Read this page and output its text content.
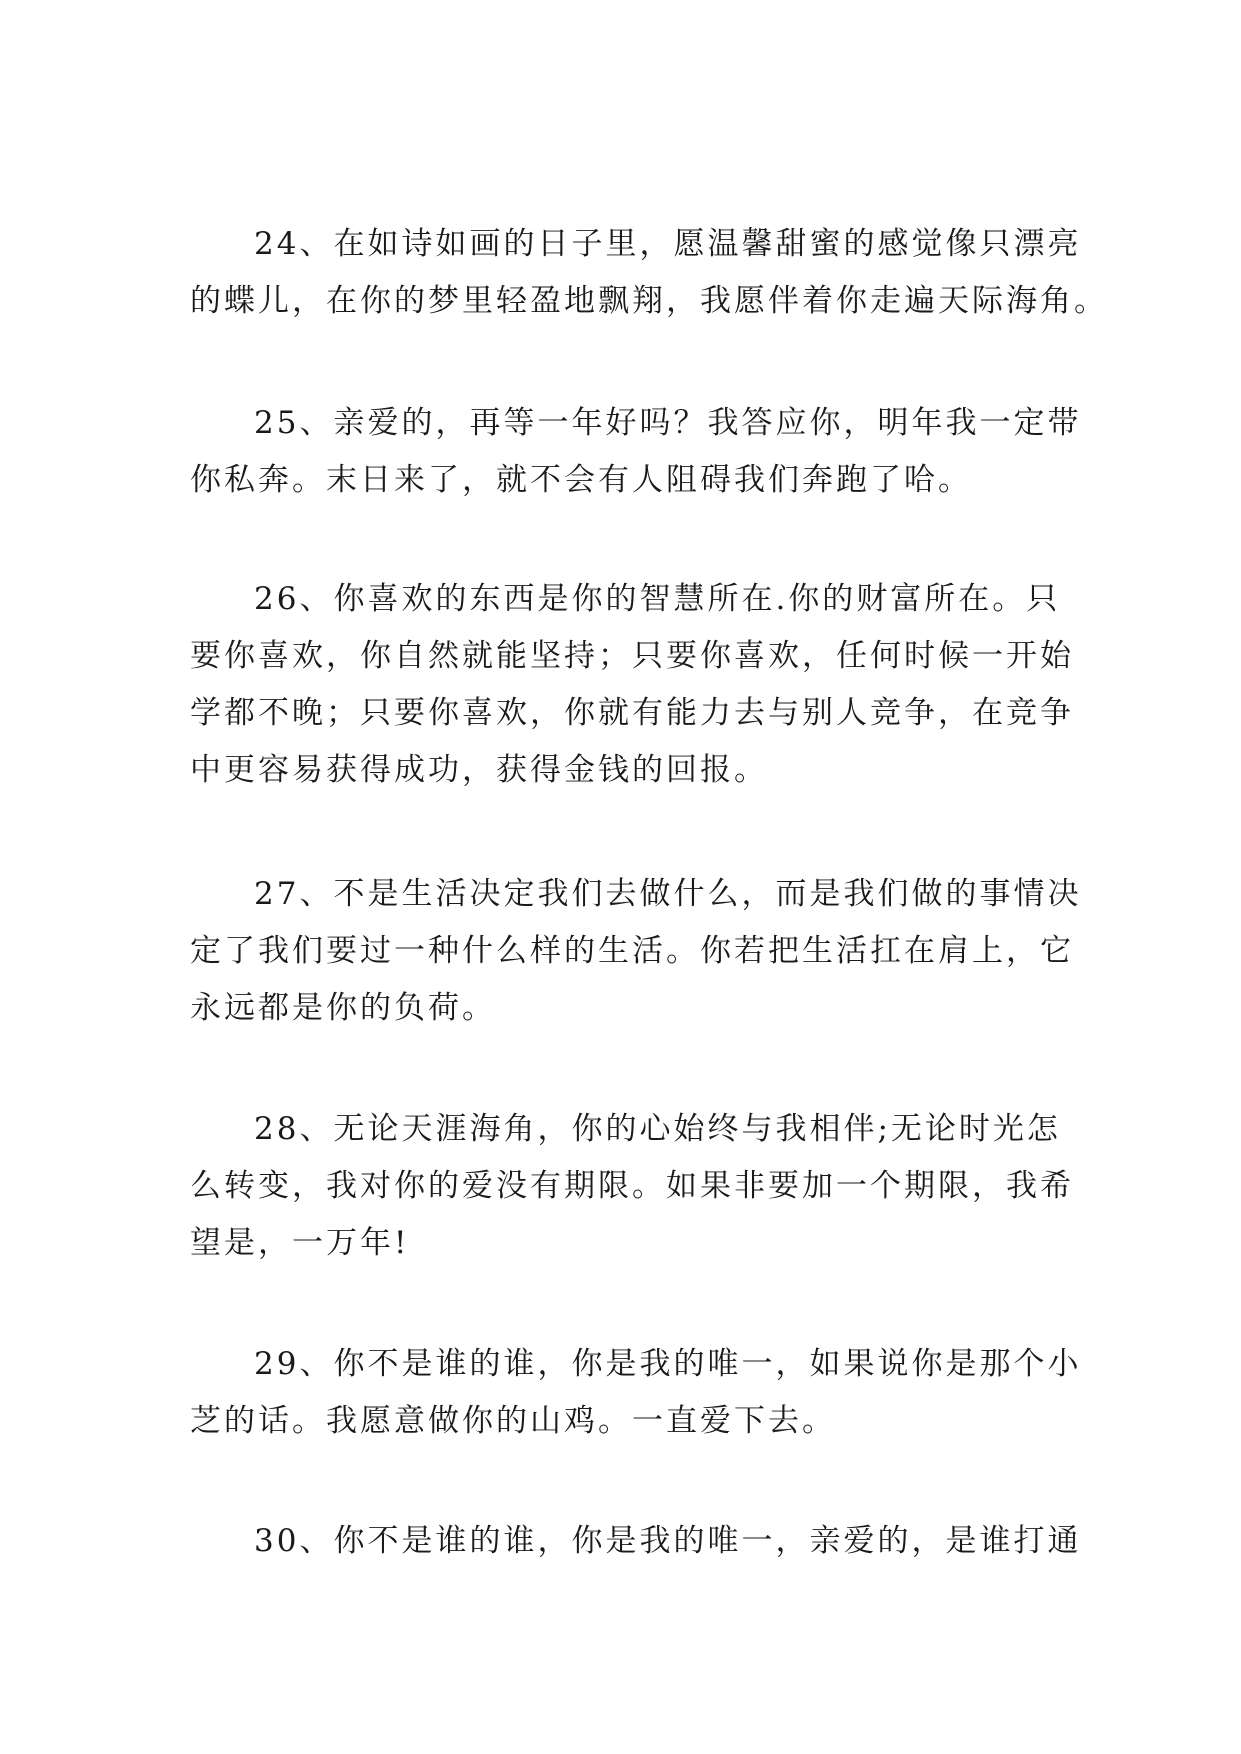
24、在如诗如画的日子里，愿温馨甜蜜的感觉像只漂亮
的蝶儿，在你的梦里轻盈地飘翔，我愿伴着你走遍天际海角。
25、亲爱的，再等一年好吗？我答应你，明年我一定带
你私奔。末日来了，就不会有人阻碍我们奔跑了哈。
26、你喜欢的东西是你的智慧所在.你的财富所在。只
要你喜欢，你自然就能坚持；只要你喜欢，任何时候一开始
学都不晚；只要你喜欢，你就有能力去与别人竞争，在竞争
中更容易获得成功，获得金钱的回报。
27、不是生活决定我们去做什么，而是我们做的事情决
定了我们要过一种什么样的生活。你若把生活扛在肩上，它
永远都是你的负荷。
28、无论天涯海角，你的心始终与我相伴;无论时光怎
么转变，我对你的爱没有期限。如果非要加一个期限，我希
望是，一万年!
29、你不是谁的谁，你是我的唯一，如果说你是那个小
芝的话。我愿意做你的山鸡。一直爱下去。
30、你不是谁的谁，你是我的唯一，亲爱的，是谁打通
